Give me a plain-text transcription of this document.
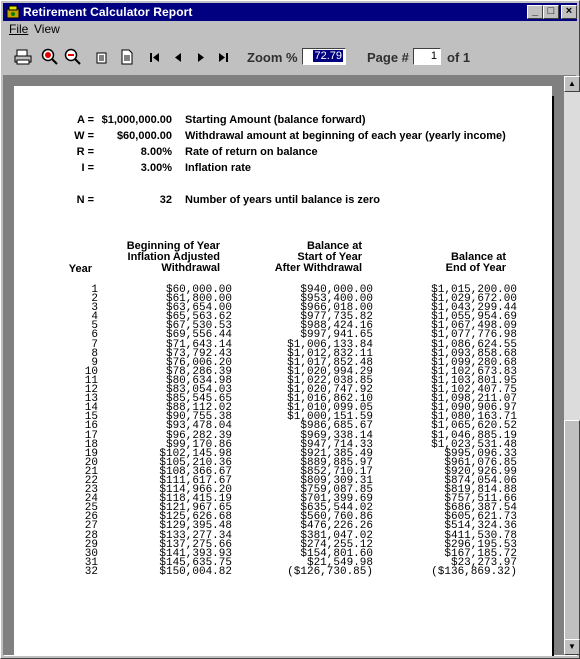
Retirement Calculator Report	_ □	×
File View
Zoom %	72.79	Page #	1 of 1
A = $1,000,000.00 Starting Amount (balance forward)
W =	$60,000.00 Withdrawal amount at beginning of each year (yearly income)
R =	8.00% Rate of return on balance
I =	3.00% Inflation rate
N =	32 Number of years until balance is zero
Year
Beginning of Year
Inflation Adjusted
Withdrawal
Balance at
Start of Year
After Withdrawal
Balance at
End of Year
1	$60,000.00	$940,000.00	$1,015,200.00
2	$61,800.00	$953,400.00	$1,029,672.00
3	$63,654.00	$966,018.00	$1,043,299.44
4	$65,563.62	$977,735.82	$1,055,954.69
5	$67,530.53	$988,424.16	$1,067,498.09
6	$69,556.44	$997,941.65	$1,077,776.98
7	$71,643.14	$1,006,133.84	$1,086,624.55
8	$73,792.43	$1,012,832.11	$1,093,858.68
9	$76,006.20	$1,017,852.48	$1,099,280.68
10	$78,286.39	$1,020,994.29	$1,102,673.83
11	$80,634.98	$1,022,038.85	$1,103,801.95
12	$83,054.03	$1,020,747.92	$1,102,407.75
13	$85,545.65	$1,016,862.10	$1,098,211.07
14	$88,112.02	$1,010,099.05	$1,090,906.97
15	$90,755.38	$1,000,151.59	$1,080,163.71
16	$93,478.04	$986,685.67	$1,065,620.52
17	$96,282.39	$969,338.14	$1,046,885.19
18	$99,170.86	$947,714.33	$1,023,531.48
19	$102,145.98	$921,385.49	$995,096.33
20	$105,210.36	$889,885.97	$961,076.85
21	$108,366.67	$852,710.17	$920,926.99
22	$111,617.67	$809,309.31	$874,054.06
23	$114,966.20	$759,087.85	$819,814.88
24	$118,415.19	$701,399.69	$757,511.66
25	$121,967.65	$635,544.02	$686,387.54
26	$125,626.68	$560,760.86	$605,621.73
27	$129,395.48	$476,226.26	$514,324.36
28	$133,277.34	$381,047.02	$411,530.78
29	$137,275.66	$274,255.12	$296,195.53
30	$141,393.93	$154,801.60	$167,185.72
31	$145,635.75	$21,549.98	$23,273.97
32	$150,004.82	($126,730.85)	($136,869.32)
▲
▼
